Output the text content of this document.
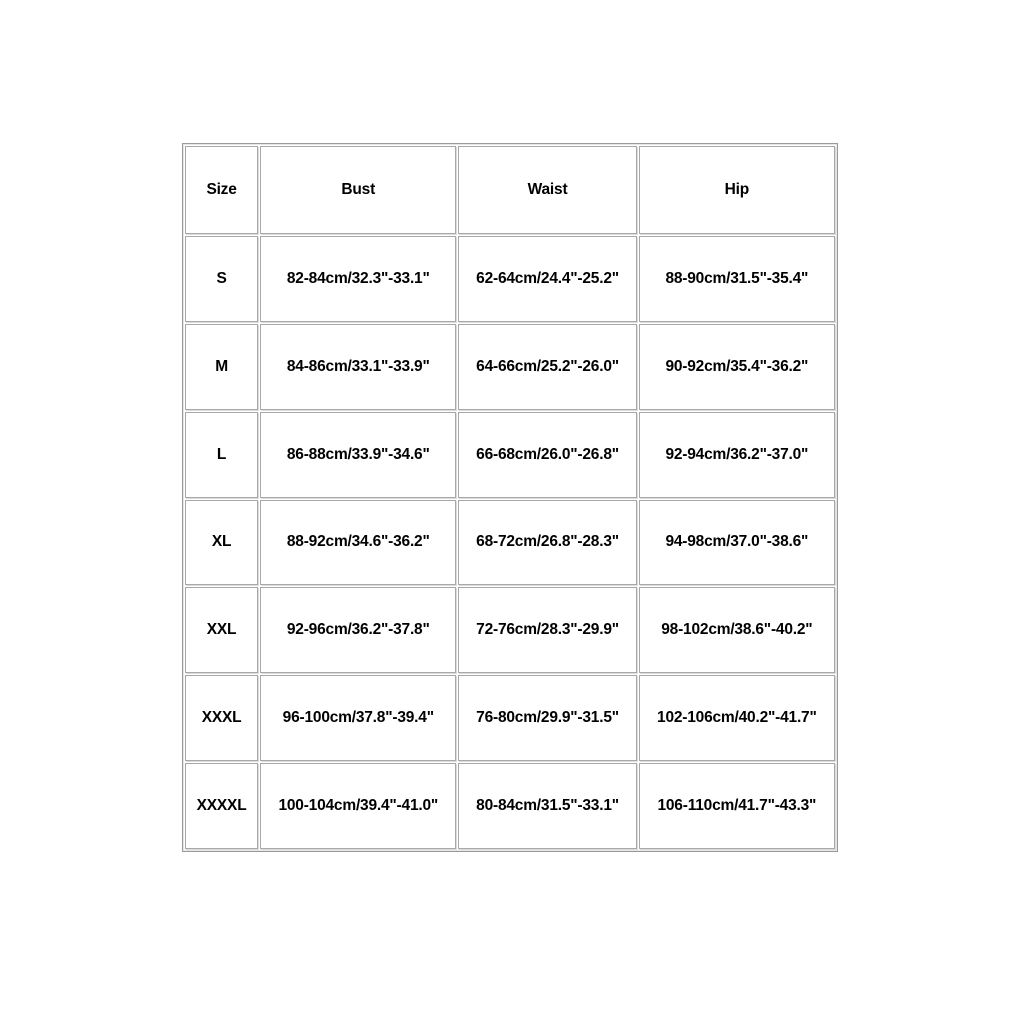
Size	Bust	Waist	Hip
S	82-84cm/32.3"-33.1"	62-64cm/24.4"-25.2"	88-90cm/31.5"-35.4"
M	84-86cm/33.1"-33.9"	64-66cm/25.2"-26.0"	90-92cm/35.4"-36.2"
L	86-88cm/33.9"-34.6"	66-68cm/26.0"-26.8"	92-94cm/36.2"-37.0"
XL	88-92cm/34.6"-36.2"	68-72cm/26.8"-28.3"	94-98cm/37.0"-38.6"
XXL	92-96cm/36.2"-37.8"	72-76cm/28.3"-29.9"	98-102cm/38.6"-40.2"
XXXL	96-100cm/37.8"-39.4"	76-80cm/29.9"-31.5"	102-106cm/40.2"-41.7"
XXXXL	100-104cm/39.4"-41.0"	80-84cm/31.5"-33.1"	106-110cm/41.7"-43.3"
